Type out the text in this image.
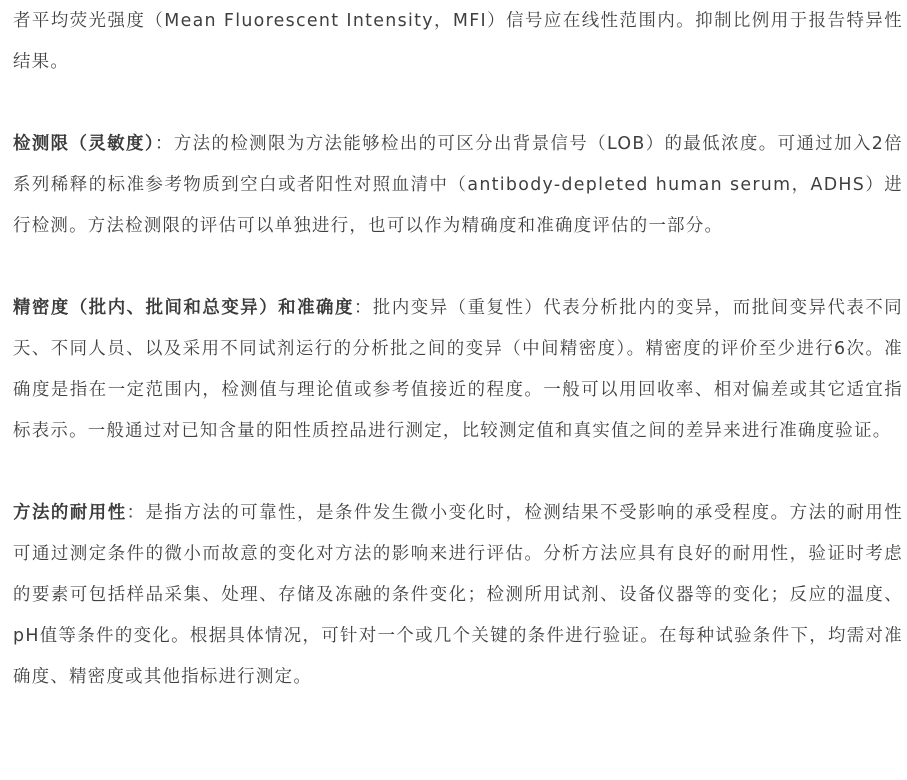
者平均荧光强度（Mean Fluorescent Intensity，MFI）信号应在线性范围内。抑制比例用于报告特异性结果。

检测限（灵敏度）：方法的检测限为方法能够检出的可区分出背景信号（LOB）的最低浓度。可通过加入2倍系列稀释的标准参考物质到空白或者阳性对照血清中（antibody-depleted human serum，ADHS）进行检测。方法检测限的评估可以单独进行，也可以作为精确度和准确度评估的一部分。

精密度（批内、批间和总变异）和准确度：批内变异（重复性）代表分析批内的变异，而批间变异代表不同天、不同人员、以及采用不同试剂运行的分析批之间的变异（中间精密度）。精密度的评价至少进行6次。准确度是指在一定范围内，检测值与理论值或参考值接近的程度。一般可以用回收率、相对偏差或其它适宜指标表示。一般通过对已知含量的阳性质控品进行测定，比较测定值和真实值之间的差异来进行准确度验证。

方法的耐用性：是指方法的可靠性，是条件发生微小变化时，检测结果不受影响的承受程度。方法的耐用性可通过测定条件的微小而故意的变化对方法的影响来进行评估。分析方法应具有良好的耐用性，验证时考虑的要素可包括样品采集、处理、存储及冻融的条件变化；检测所用试剂、设备仪器等的变化；反应的温度、pH值等条件的变化。根据具体情况，可针对一个或几个关键的条件进行验证。在每种试验条件下，均需对准确度、精密度或其他指标进行测定。
